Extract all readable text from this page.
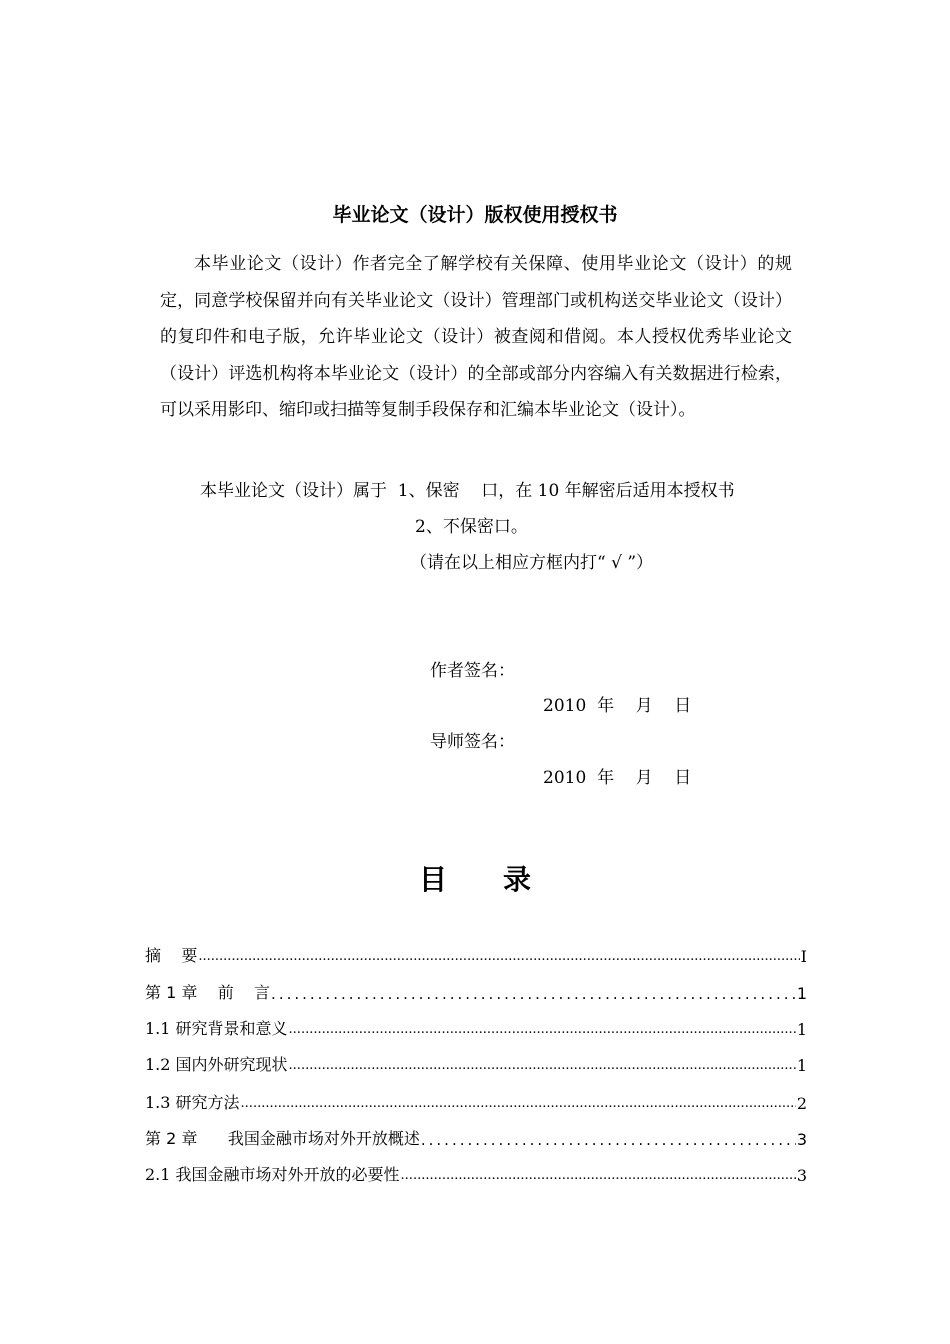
毕业论文（设计）版权使用授权书

本毕业论文（设计）作者完全了解学校有关保障、使用毕业论文（设计）的规定，同意学校保留并向有关毕业论文（设计）管理部门或机构送交毕业论文（设计）的复印件和电子版，允许毕业论文（设计）被查阅和借阅。本人授权优秀毕业论文（设计）评选机构将本毕业论文（设计）的全部或部分内容编入有关数据进行检索，可以采用影印、缩印或扫描等复制手段保存和汇编本毕业论文（设计）。

本毕业论文（设计）属于  1、保密    口，在 10 年解密后适用本授权书
2、不保密口。
（请在以上相应方框内打“ √ ”）
作者签名：
2010  年    月    日
导师签名：
2010  年    月    日
目 录
摘    要 .....	I
第 1 章    前    言 .....	1
1.1 研究背景和意义 .....	1
1.2 国内外研究现状 .....	1
1.3 研究方法 .....	2
第 2 章      我国金融市场对外开放概述 .....	3
2.1 我国金融市场对外开放的必要性 .....	3
